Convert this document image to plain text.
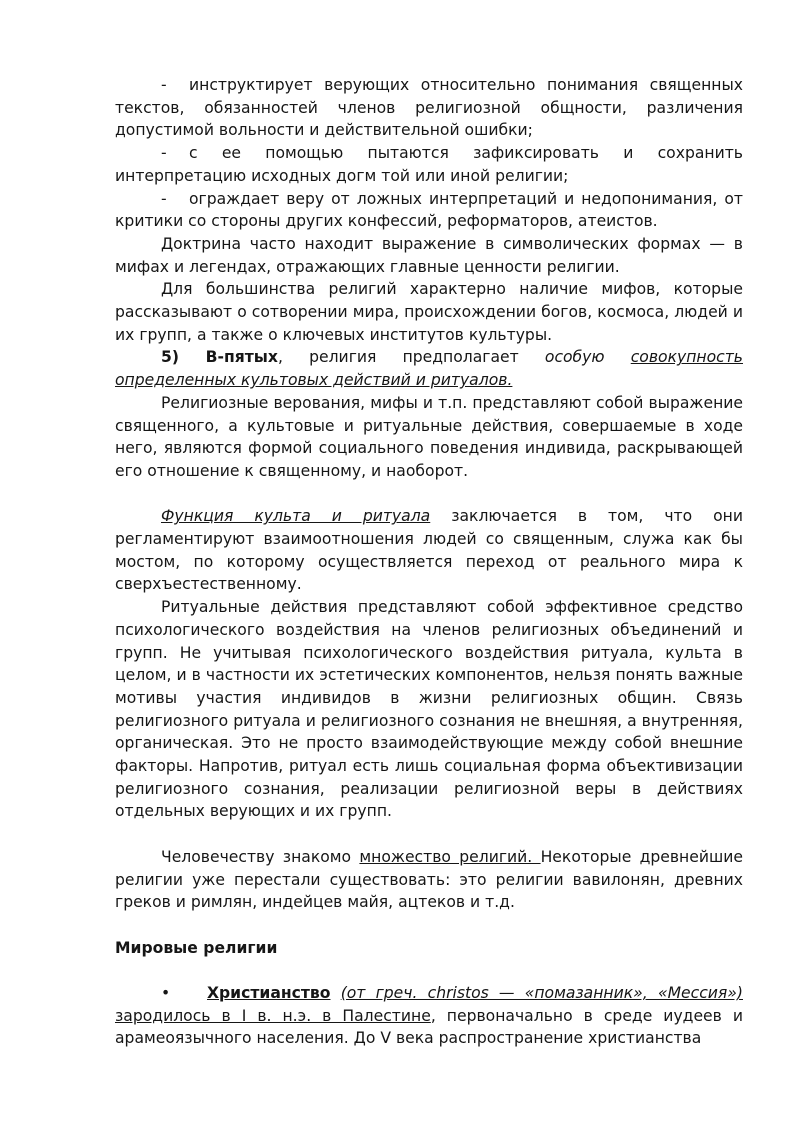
- инструктирует верующих относительно понимания священных текстов, обязанностей членов религиозной общности, различения допустимой вольности и действительной ошибки;

- с ее помощью пытаются зафиксировать и сохранить интерпретацию исходных догм той или иной религии;

- ограждает веру от ложных интерпретаций и недопонимания, от критики со стороны других конфессий, реформаторов, атеистов.

Доктрина часто находит выражение в символических формах — в мифах и легендах, отражающих главные ценности религии.

Для большинства религий характерно наличие мифов, которые рассказывают о сотворении мира, происхождении богов, космоса, людей и их групп, а также о ключевых институтов культуры.

5) В-пятых, религия предполагает особую совокупность определенных культовых действий и ритуалов.

Религиозные верования, мифы и т.п. представляют собой выражение священного, а культовые и ритуальные действия, совершаемые в ходе него, являются формой социального поведения индивида, раскрывающей его отношение к священному, и наоборот.

Функция культа и ритуала заключается в том, что они регламентируют взаимоотношения людей со священным, служа как бы мостом, по которому осуществляется переход от реального мира к сверхъестественному.

Ритуальные действия представляют собой эффективное средство психологического воздействия на членов религиозных объединений и групп. Не учитывая психологического воздействия ритуала, культа в целом, и в частности их эстетических компонентов, нельзя понять важные мотивы участия индивидов в жизни религиозных общин. Связь религиозного ритуала и религиозного сознания не внешняя, а внутренняя, органическая. Это не просто взаимодействующие между собой внешние факторы. Напротив, ритуал есть лишь социальная форма объективизации религиозного сознания, реализации религиозной веры в действиях отдельных верующих и их групп.

Человечеству знакомо множество религий. Некоторые древнейшие религии уже перестали существовать: это религии вавилонян, древних греков и римлян, индейцев майя, ацтеков и т.д.

Мировые религии

• Христианство (от греч. christos — «помазанник», «Мессия») зародилось в I в. н.э. в Палестине, первоначально в среде иудеев и арамеоязычного населения. До V века распространение христианства
